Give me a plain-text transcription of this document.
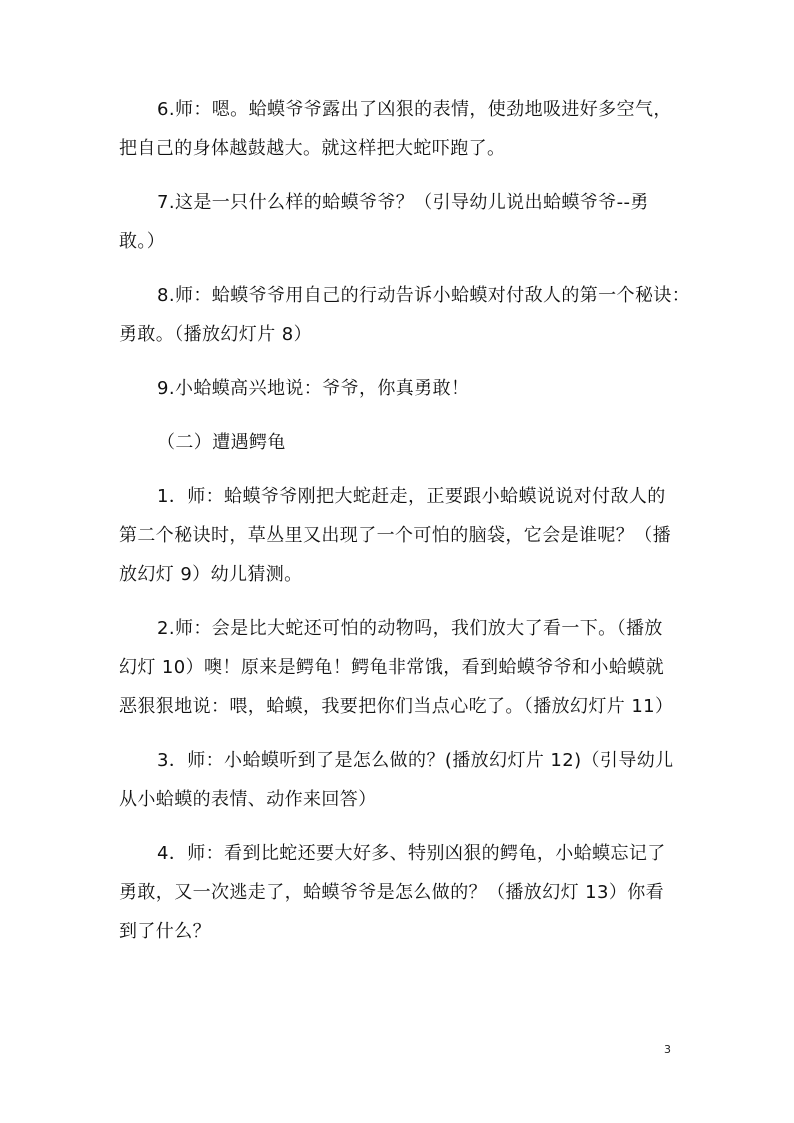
6.师：嗯。蛤蟆爷爷露出了凶狠的表情，使劲地吸进好多空气，
把自己的身体越鼓越大。就这样把大蛇吓跑了。

7.这是一只什么样的蛤蟆爷爷？（引导幼儿说出蛤蟆爷爷--勇
敢。）

8.师：蛤蟆爷爷用自己的行动告诉小蛤蟆对付敌人的第一个秘诀：
勇敢。（播放幻灯片 8）

9.小蛤蟆高兴地说：爷爷，你真勇敢！

（二）遭遇鳄龟

1．师：蛤蟆爷爷刚把大蛇赶走，正要跟小蛤蟆说说对付敌人的
第二个秘诀时，草丛里又出现了一个可怕的脑袋，它会是谁呢？（播
放幻灯 9）幼儿猜测。

2.师：会是比大蛇还可怕的动物吗，我们放大了看一下。（播放
幻灯 10）噢！原来是鳄龟！鳄龟非常饿，看到蛤蟆爷爷和小蛤蟆就
恶狠狠地说：喂，蛤蟆，我要把你们当点心吃了。（播放幻灯片 11）

3．师：小蛤蟆听到了是怎么做的？(播放幻灯片 12)（引导幼儿
从小蛤蟆的表情、动作来回答）

4．师：看到比蛇还要大好多、特别凶狠的鳄龟，小蛤蟆忘记了
勇敢，又一次逃走了，蛤蟆爷爷是怎么做的？（播放幻灯 13）你看
到了什么？

3
